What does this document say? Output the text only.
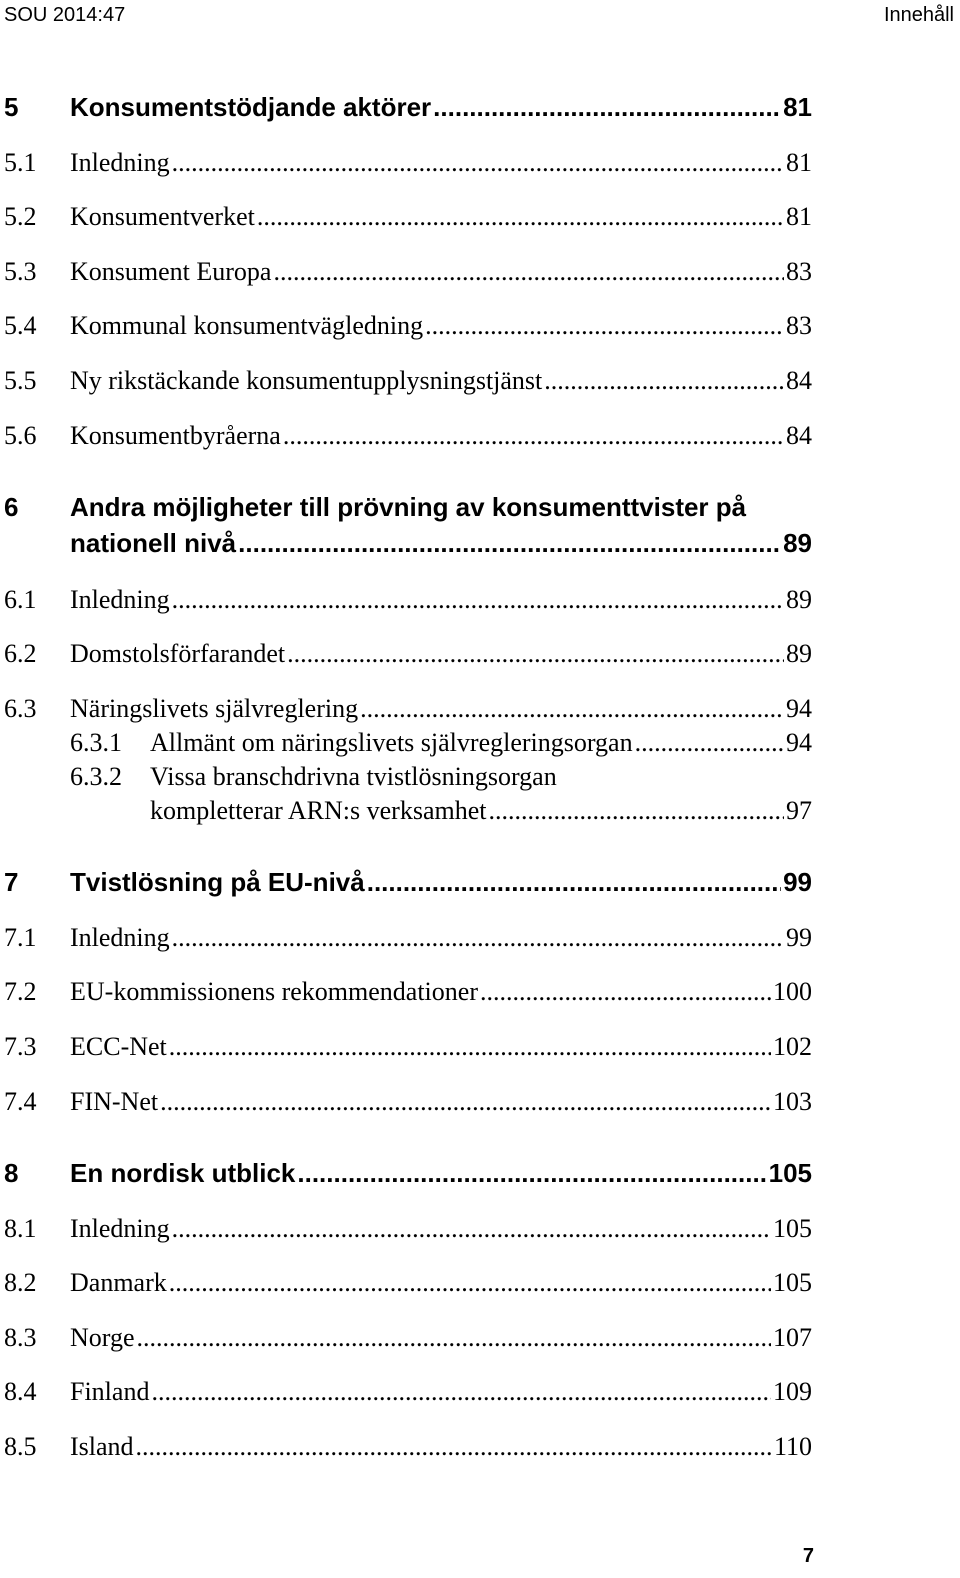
SOU 2014:47	Innehåll
5	Konsumentstödjande aktörer .....	81
5.1	Inledning .....	81
5.2	Konsumentverket .....	81
5.3	Konsument Europa .....	83
5.4	Kommunal konsumentvägledning .....	83
5.5	Ny rikstäckande konsumentupplysningstjänst .....	84
5.6	Konsumentbyråerna .....	84
6	Andra möjligheter till prövning av konsumenttvister på
nationell nivå .....	89
6.1	Inledning .....	89
6.2	Domstolsförfarandet .....	89
6.3	Näringslivets självreglering .....	94
6.3.1	Allmänt om näringslivets självregleringsorgan .....	94
6.3.2	Vissa branschdrivna tvistlösningsorgan
kompletterar ARN:s verksamhet .....	97
7	Tvistlösning på EU-nivå .....	99
7.1	Inledning .....	99
7.2	EU-kommissionens rekommendationer .....	100
7.3	ECC-Net .....	102
7.4	FIN-Net .....	103
8	En nordisk utblick .....	105
8.1	Inledning .....	105
8.2	Danmark .....	105
8.3	Norge .....	107
8.4	Finland .....	109
8.5	Island .....	110
7
